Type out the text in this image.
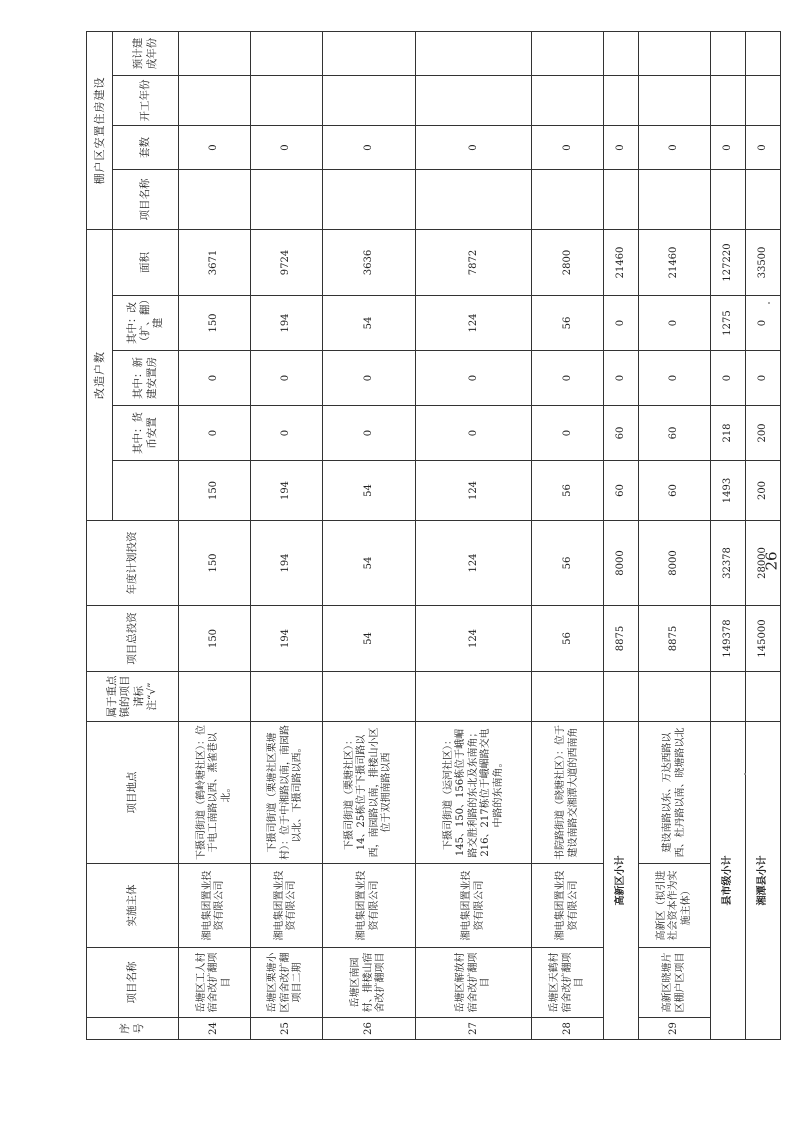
序号	项目名称	实施主体	项目地点	属于重点镇的项目请标注“√”	项目总投资	年度计划投资	改造户数					棚户区安置住房建设			
								其中：货币安置	其中：新建安置房	其中：改（扩、翻）建	面积	项目名称	套数	开工年份	预计建成年份
24	岳塘区工人村宿舍改扩翻项目	湘电集团置业投资有限公司	下摄司街道（鹤岭塘社区）：位于电工南路以西、燕雀巷以北。		150	150	150	0	0	150	3671		0		
25	岳塘区栗塘小区宿舍改扩翻项目二期	湘电集团置业投资有限公司	下摄司街道（栗塘社区栗塘村）：位于中湘路以南，南园路以北、下摄司路以西。		194	194	194	0	0	194	9724		0		
26	岳塘区南园村、排楼山宿舍改扩翻项目	湘电集团置业投资有限公司	下摄司街道（栗塘社区）：14、25栋位于下摄司路以西，南园路以南，排楼山小区位于双拥南路以西		54	54	54	0	0	54	3636		0		
27	岳塘区解放村宿舍改扩翻项目	湘电集团置业投资有限公司	下摄司街道（运河社区）：145、150、156栋位于峨嵋路交胜利路的东北及东南角；216、217栋位于峨嵋路交电中路的东南角。		124	124	124	0	0	124	7872		0		
28	岳塘区天鹤村宿舍改扩翻项目	湘电集团置业投资有限公司	书院路街道（晓塘社区）：位于建设南路交湘潭大道的西南角		56	56	56	0	0	56	2800		0		
高新区小计					8875	8000	60	60	0	0	21460		0		
29	高新区晓塘片区棚户区项目	高新区（拟引进社会资本作为实施主体）	建设南路以东、万达西路以西、杜丹路以南、晓塘路以北		8875	8000	60	60	0	0	21460		0		
县市级小计					149378	32378	1493	218	0	1275	127220		0		
湘潭县小计					145000	28000	200	200	0	0	33500		0		
26
